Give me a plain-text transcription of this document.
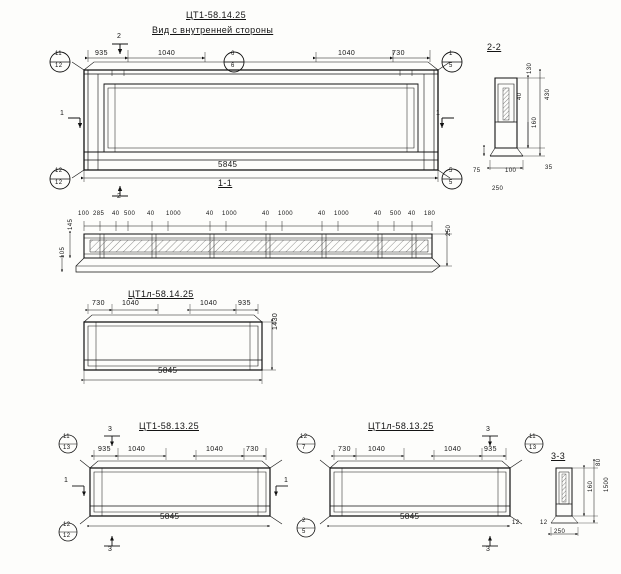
ЦТ1-58.14.25
Вид с внутренней стороны
935	1040	1040	730
5845
11
12
12
12
1
5
5
5
6
6
1	1
2
2
2-2
130
40	430
160
75	100
250
35
1-1
100 285 40 500 40 1000	40 1000	40 1000	40 1000	40 500 40 180
145
105
250
ЦТ1л-58.14.25
730 1040	1040	935
1430
5845
ЦТ1-58.13.25
935 1040	1040	730
5845
1	1
3
3
11
13
12
12
12
7
2
5
ЦТ1л-58.13.25
730 1040	1040	935
5845
3
3
11
13
12	12
3-3
80
160 1500
250
